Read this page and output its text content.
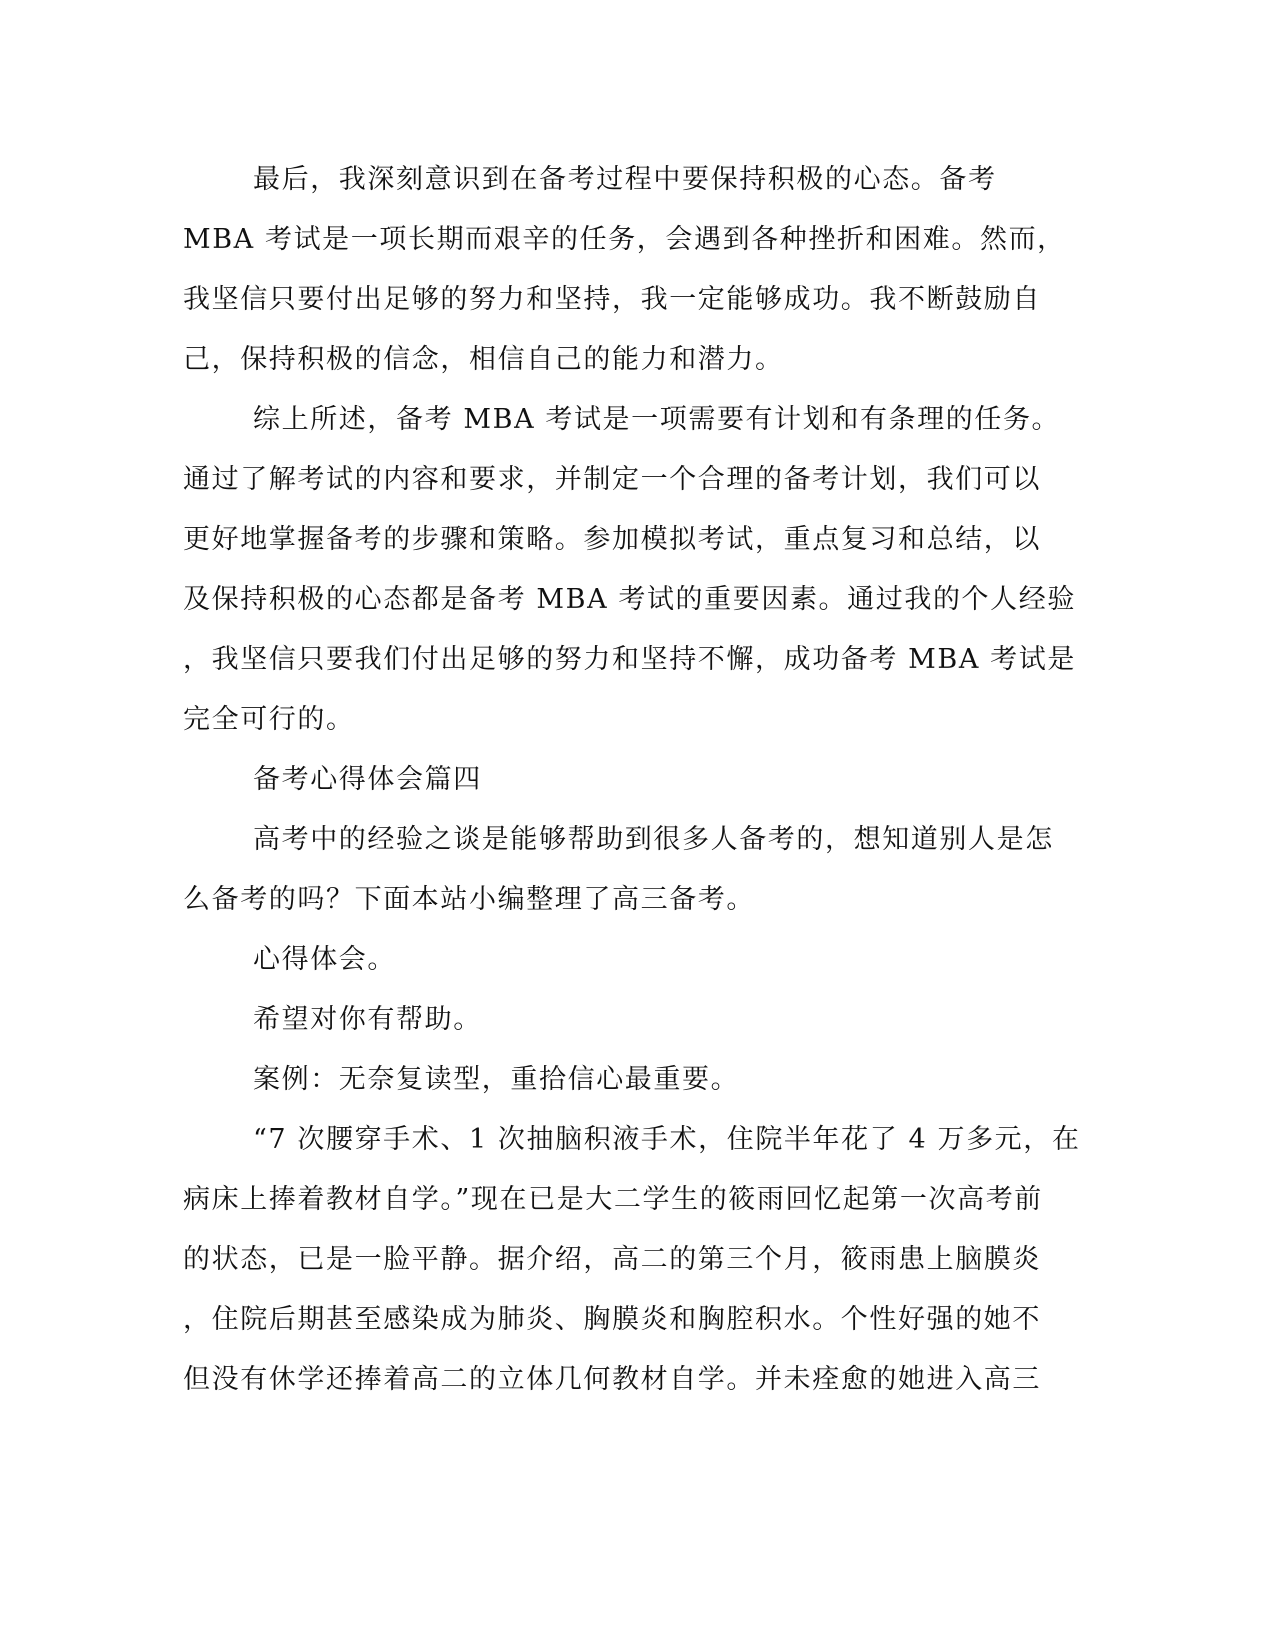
最后，我深刻意识到在备考过程中要保持积极的心态。备考
MBA 考试是一项长期而艰辛的任务，会遇到各种挫折和困难。然而，
我坚信只要付出足够的努力和坚持，我一定能够成功。我不断鼓励自
己，保持积极的信念，相信自己的能力和潜力。
综上所述，备考 MBA 考试是一项需要有计划和有条理的任务。
通过了解考试的内容和要求，并制定一个合理的备考计划，我们可以
更好地掌握备考的步骤和策略。参加模拟考试，重点复习和总结，以
及保持积极的心态都是备考 MBA 考试的重要因素。通过我的个人经验
，我坚信只要我们付出足够的努力和坚持不懈，成功备考 MBA 考试是
完全可行的。
备考心得体会篇四
高考中的经验之谈是能够帮助到很多人备考的，想知道别人是怎
么备考的吗？下面本站小编整理了高三备考。
心得体会。
希望对你有帮助。
案例：无奈复读型，重拾信心最重要。
“7 次腰穿手术、1 次抽脑积液手术，住院半年花了 4 万多元，在
病床上捧着教材自学。”现在已是大二学生的筱雨回忆起第一次高考前
的状态，已是一脸平静。据介绍，高二的第三个月，筱雨患上脑膜炎
，住院后期甚至感染成为肺炎、胸膜炎和胸腔积水。个性好强的她不
但没有休学还捧着高二的立体几何教材自学。并未痊愈的她进入高三
